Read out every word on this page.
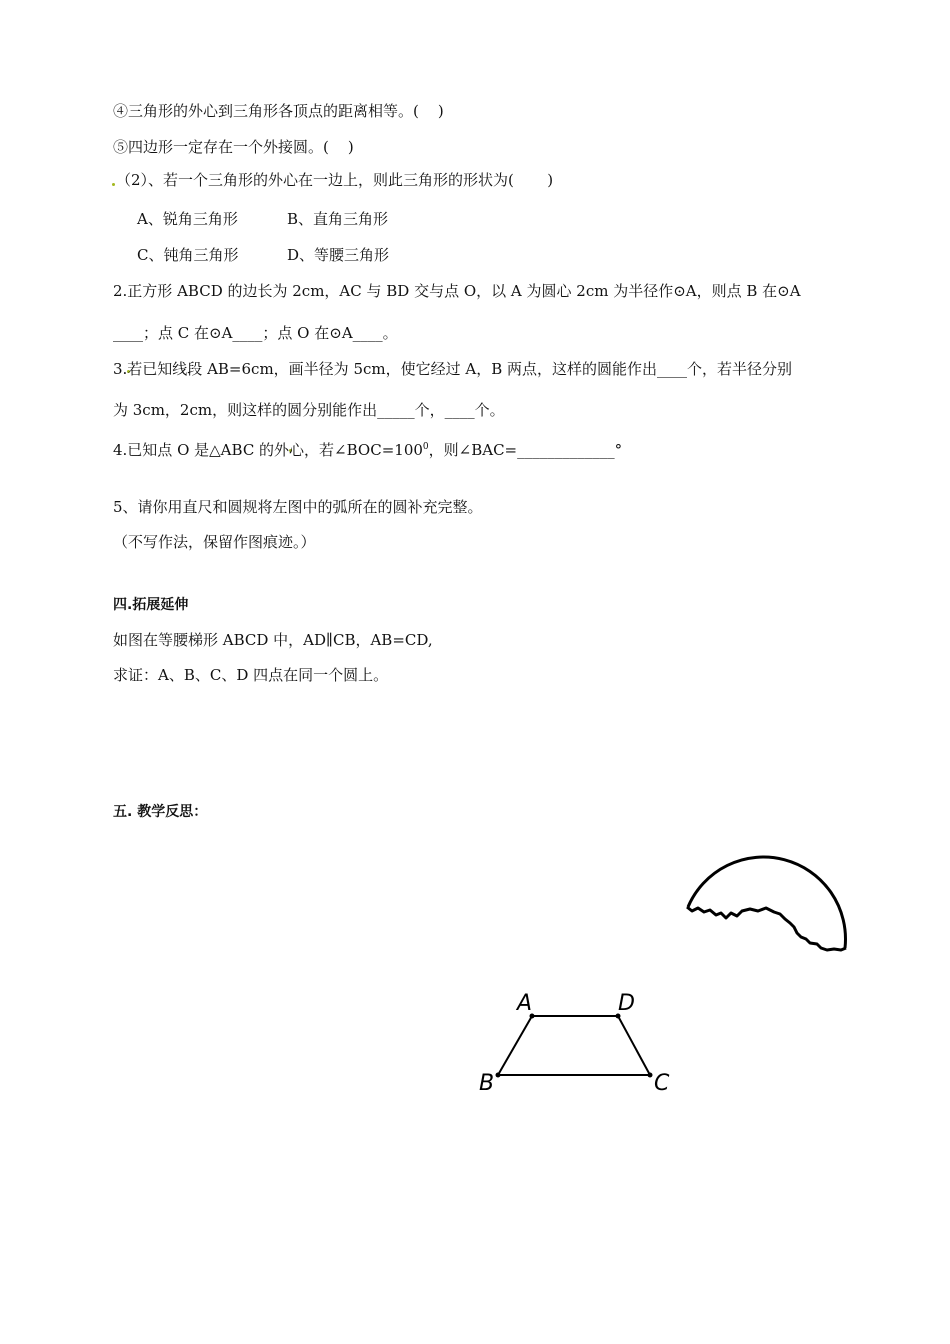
④三角形的外心到三角形各顶点的距离相等。(    )
⑤四边形一定存在一个外接圆。(    )
（2）、若一个三角形的外心在一边上，则此三角形的形状为(       )
A、锐角三角形	B、直角三角形
C、钝角三角形	D、等腰三角形
2.正方形 ABCD 的边长为 2cm，AC 与 BD 交与点 O，以 A 为圆心 2cm 为半径作⊙A，则点 B 在⊙A
____；点 C 在⊙A____；点 O 在⊙A____。
3.若已知线段 AB=6cm，画半径为 5cm，使它经过 A，B 两点，这样的圆能作出____个，若半径分别
为 3cm，2cm，则这样的圆分别能作出_____个，____个。
4.已知点 O 是△ABC 的外心，若$\angle BOC=100^0$，则∠BAC=_____________°
5、请你用直尺和圆规将左图中的弧所在的圆补充完整。
（不写作法，保留作图痕迹。）
四.拓展延伸
如图在等腰梯形 ABCD 中，AD∥CB，AB=CD,
求证：A、B、C、D 四点在同一个圆上。
五. 教学反思：
A	D
C
B
